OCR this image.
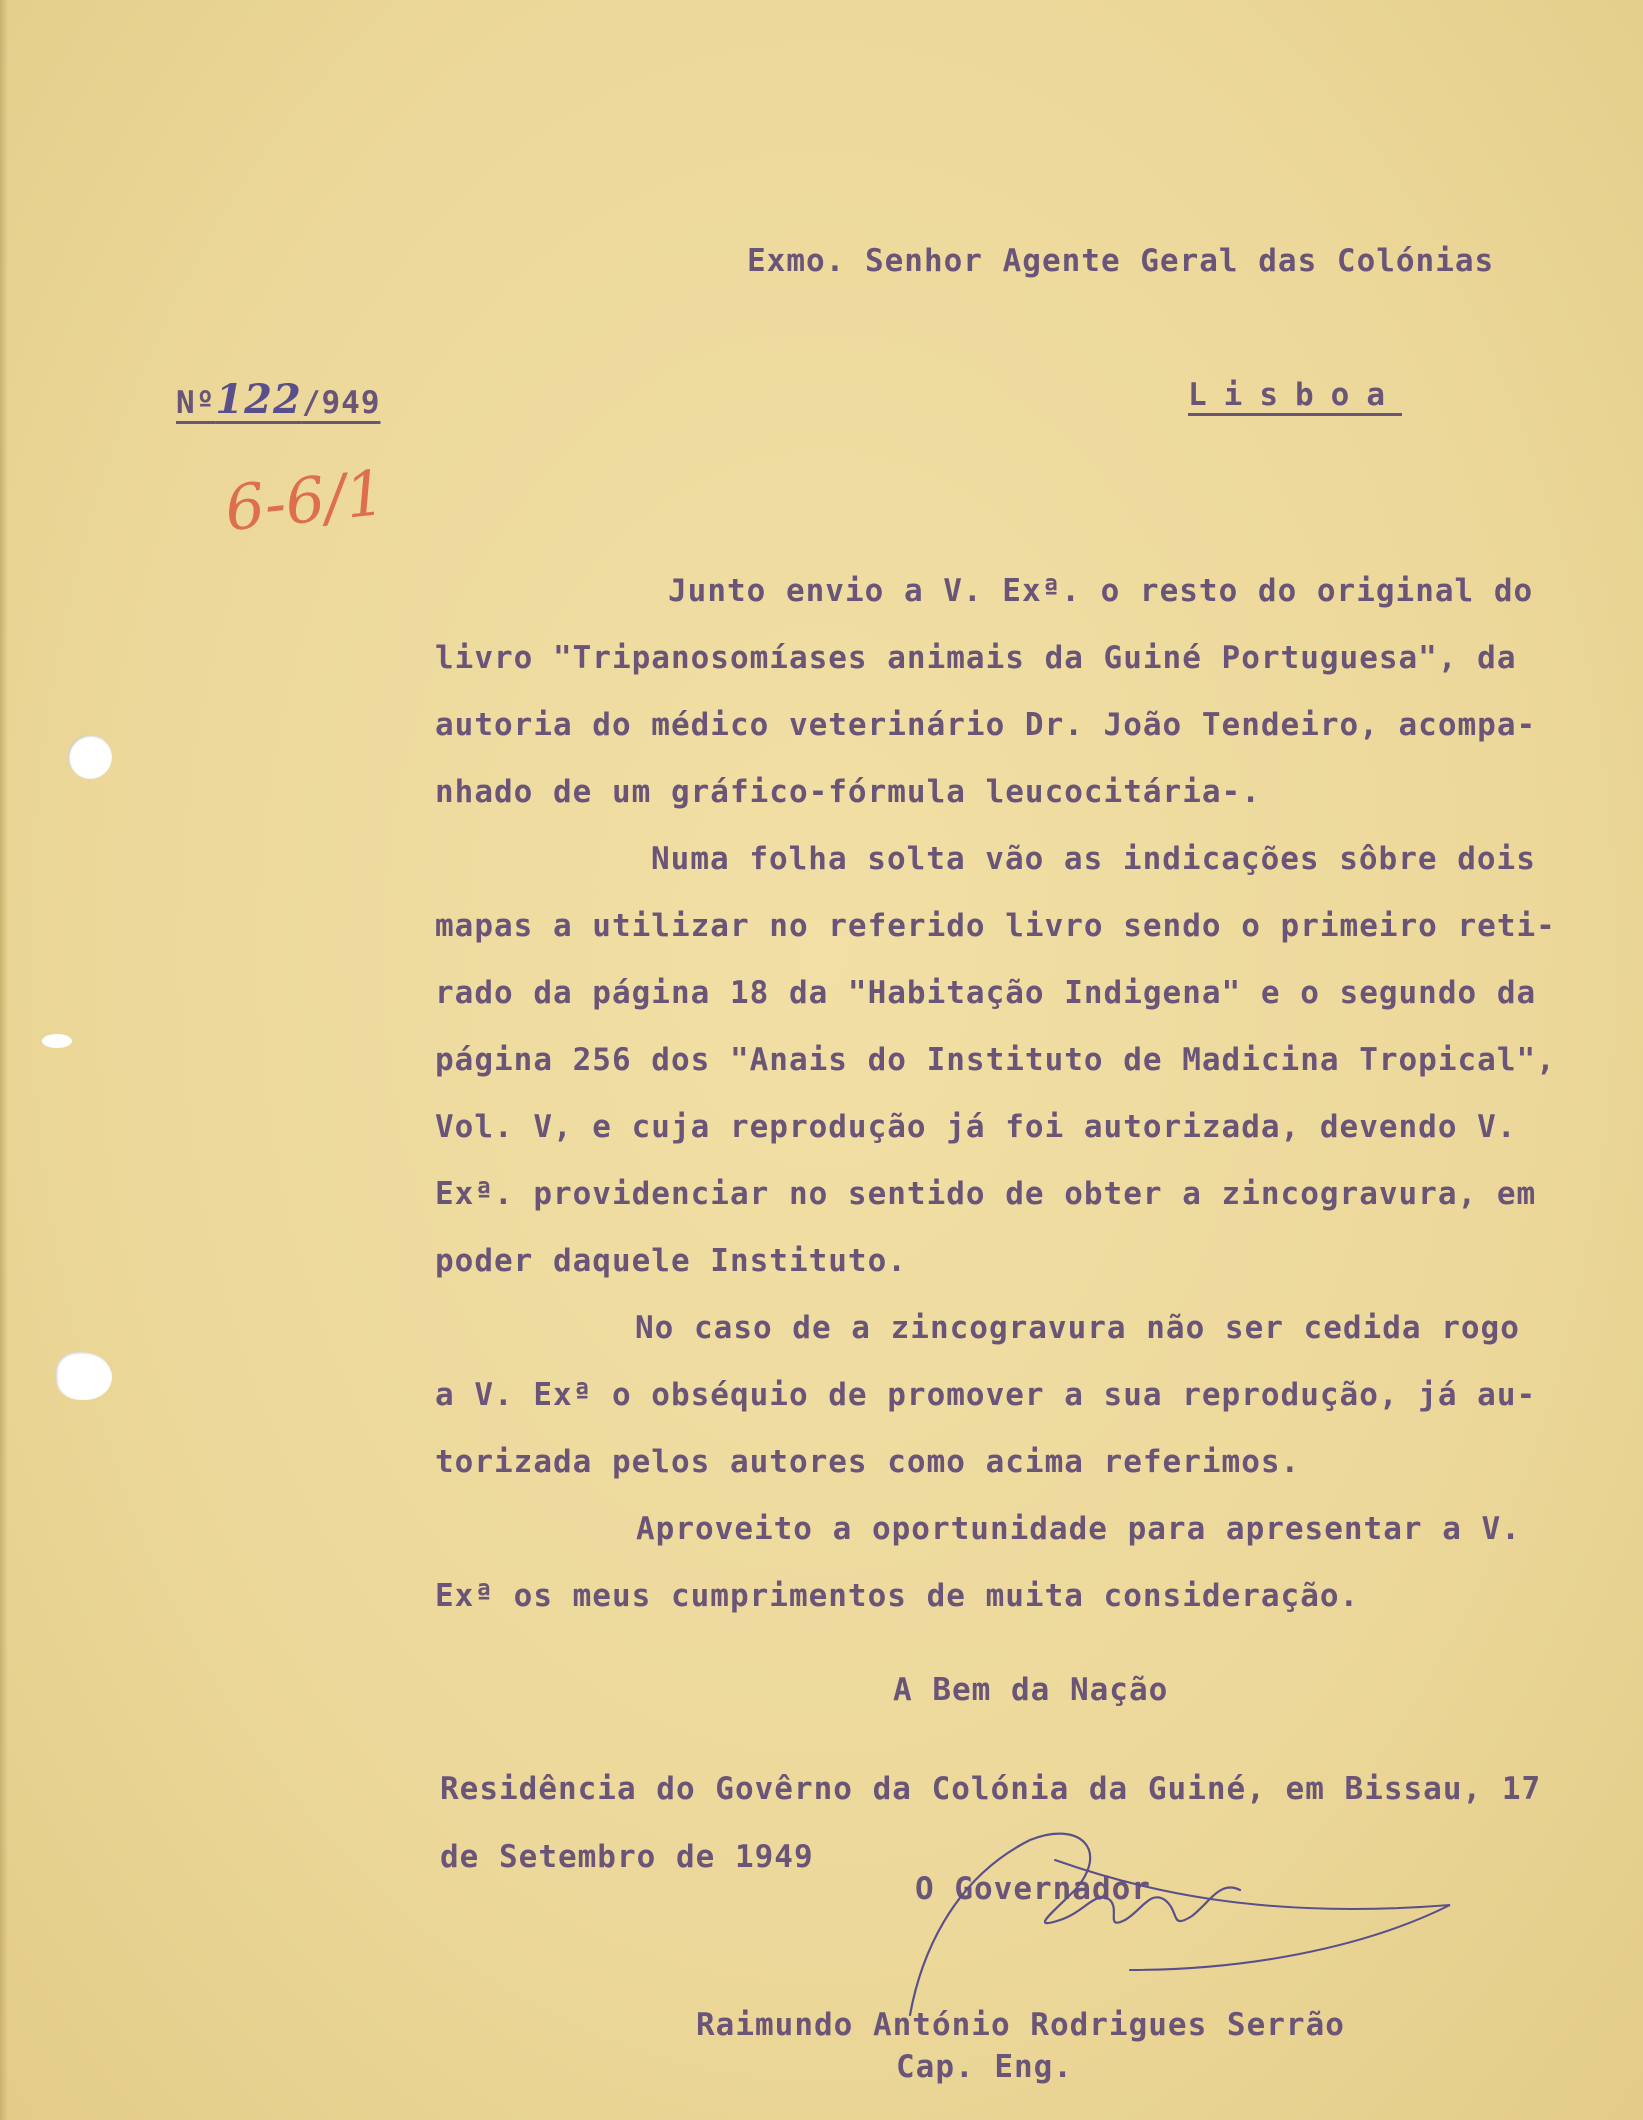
Exmo. Senhor Agente Geral das Colónias
Nº122/949	Lisboa
6-6/1
Junto envio a V. Exª. o resto do original do
livro "Tripanosomíases animais da Guiné Portuguesa", da
autoria do médico veterinário Dr. João Tendeiro, acompa-
nhado de um gráfico-fórmula leucocitária-.
Numa folha solta vão as indicações sôbre dois
mapas a utilizar no referido livro sendo o primeiro reti-
rado da página 18 da "Habitação Indigena" e o segundo da
página 256 dos "Anais do Instituto de Madicina Tropical",
Vol. V, e cuja reprodução já foi autorizada, devendo V.
Exª. providenciar no sentido de obter a zincogravura, em
poder daquele Instituto.
No caso de a zincogravura não ser cedida rogo
a V. Exª o obséquio de promover a sua reprodução, já au-
torizada pelos autores como acima referimos.
Aproveito a oportunidade para apresentar a V.
Exª os meus cumprimentos de muita consideração.
A Bem da Nação
Residência do Govêrno da Colónia da Guiné, em Bissau, 17
de Setembro de 1949
O Governador
Raimundo António Rodrigues Serrão
Cap. Eng.
